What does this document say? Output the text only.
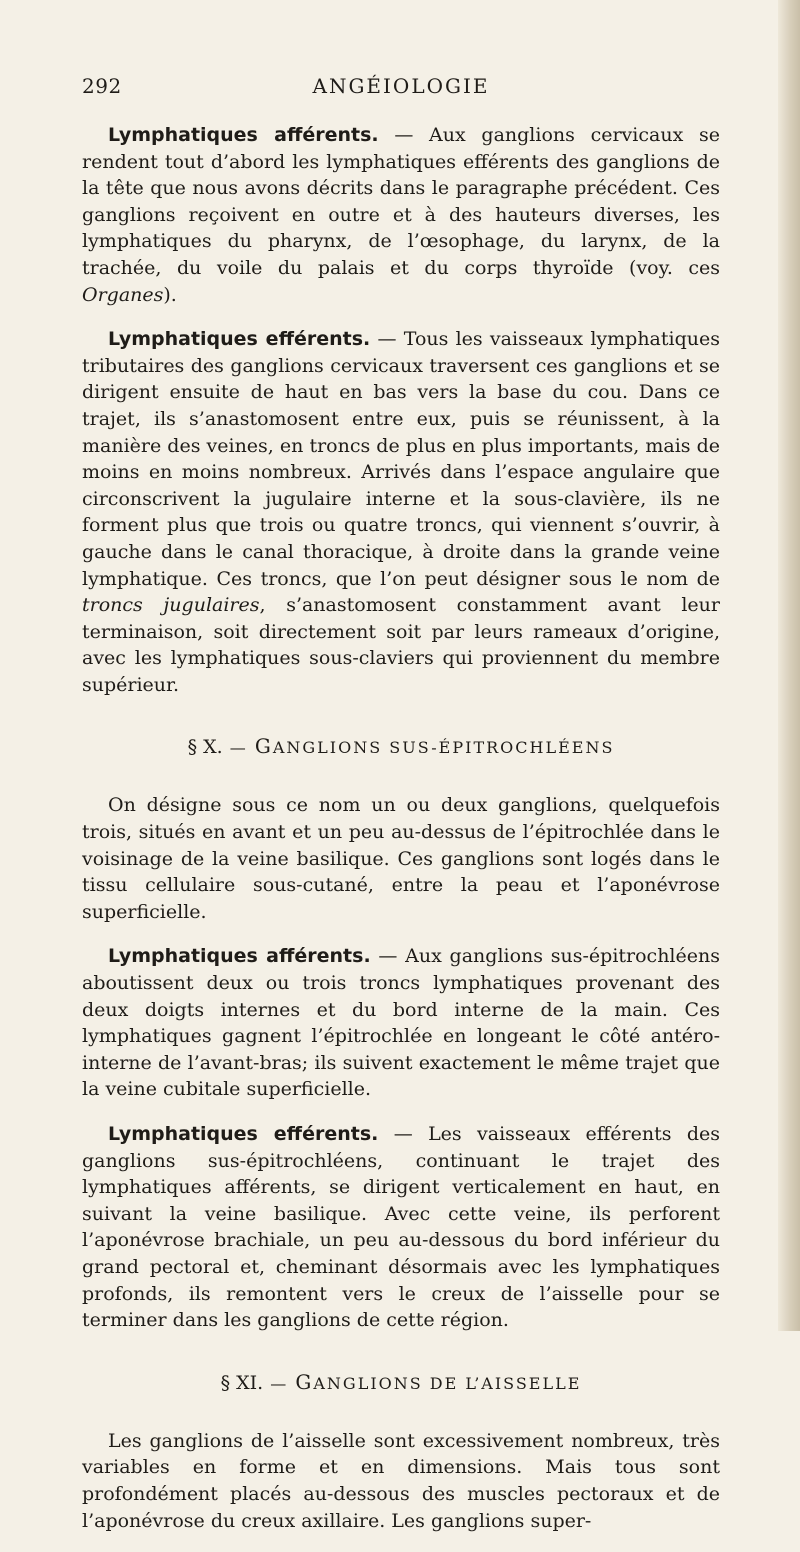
292	ANGÉIOLOGIE

Lymphatiques afférents. — Aux ganglions cervicaux se rendent tout d’abord les lymphatiques efférents des ganglions de la tête que nous avons décrits dans le paragraphe précédent. Ces ganglions reçoivent en outre et à des hauteurs diverses, les lymphatiques du pharynx, de l’œsophage, du larynx, de la trachée, du voile du palais et du corps thyroïde (voy. ces Organes).

Lymphatiques efférents. — Tous les vaisseaux lymphatiques tributaires des ganglions cervicaux traversent ces ganglions et se dirigent ensuite de haut en bas vers la base du cou. Dans ce trajet, ils s’anastomosent entre eux, puis se réunissent, à la manière des veines, en troncs de plus en plus importants, mais de moins en moins nombreux. Arrivés dans l’espace angulaire que circonscrivent la jugulaire interne et la sous-clavière, ils ne forment plus que trois ou quatre troncs, qui viennent s’ouvrir, à gauche dans le canal thoracique, à droite dans la grande veine lymphatique. Ces troncs, que l’on peut désigner sous le nom de troncs jugulaires, s’anastomosent constamment avant leur terminaison, soit directement soit par leurs rameaux d’origine, avec les lymphatiques sous-claviers qui proviennent du membre supérieur.

§ X. — GANGLIONS SUS-ÉPITROCHLÉENS

On désigne sous ce nom un ou deux ganglions, quelquefois trois, situés en avant et un peu au-dessus de l’épitrochlée dans le voisinage de la veine basilique. Ces ganglions sont logés dans le tissu cellulaire sous-cutané, entre la peau et l’aponévrose superficielle.

Lymphatiques afférents. — Aux ganglions sus-épitrochléens aboutissent deux ou trois troncs lymphatiques provenant des deux doigts internes et du bord interne de la main. Ces lymphatiques gagnent l’épitrochlée en longeant le côté antéro-interne de l’avant-bras; ils suivent exactement le même trajet que la veine cubitale superficielle.

Lymphatiques efférents. — Les vaisseaux efférents des ganglions sus-épitrochléens, continuant le trajet des lymphatiques afférents, se dirigent verticalement en haut, en suivant la veine basilique. Avec cette veine, ils perforent l’aponévrose brachiale, un peu au-dessous du bord inférieur du grand pectoral et, cheminant désormais avec les lymphatiques profonds, ils remontent vers le creux de l’aisselle pour se terminer dans les ganglions de cette région.

§ XI. — GANGLIONS DE L’AISSELLE

Les ganglions de l’aisselle sont excessivement nombreux, très variables en forme et en dimensions. Mais tous sont profondément placés au-dessous des muscles pectoraux et de l’aponévrose du creux axillaire. Les ganglions super-
